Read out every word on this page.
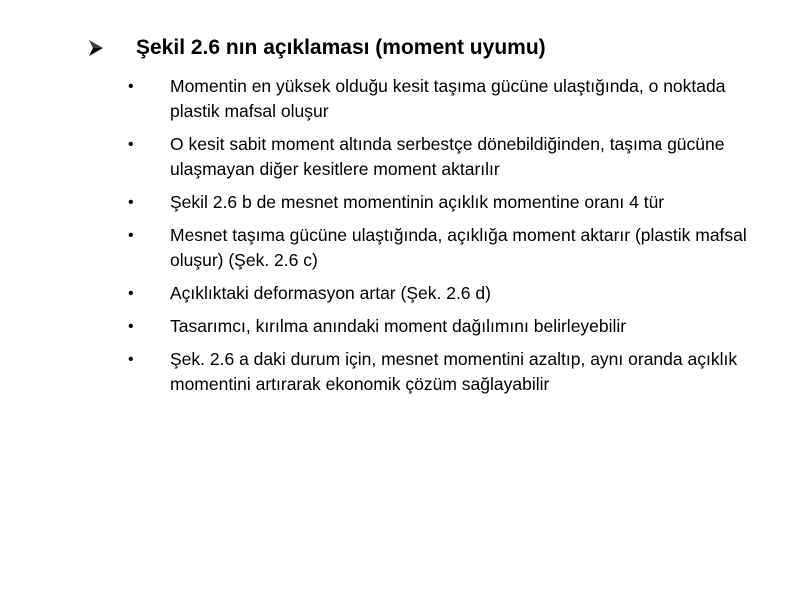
Şekil 2.6 nın açıklaması (moment uyumu)
•	Momentin en yüksek olduğu kesit taşıma gücüne ulaştığında, o noktada plastik mafsal oluşur
•	O kesit sabit moment altında serbestçe dönebildiğinden, taşıma gücüne ulaşmayan diğer kesitlere moment aktarılır
•	Şekil 2.6 b de mesnet momentinin açıklık momentine oranı 4 tür
•	Mesnet taşıma gücüne ulaştığında, açıklığa moment aktarır (plastik mafsal oluşur) (Şek. 2.6 c)
•	Açıklıktaki deformasyon artar (Şek. 2.6 d)
•	Tasarımcı, kırılma anındaki moment dağılımını belirleyebilir
•	Şek. 2.6 a daki durum için, mesnet momentini azaltıp, aynı oranda açıklık momentini artırarak ekonomik çözüm sağlayabilir
